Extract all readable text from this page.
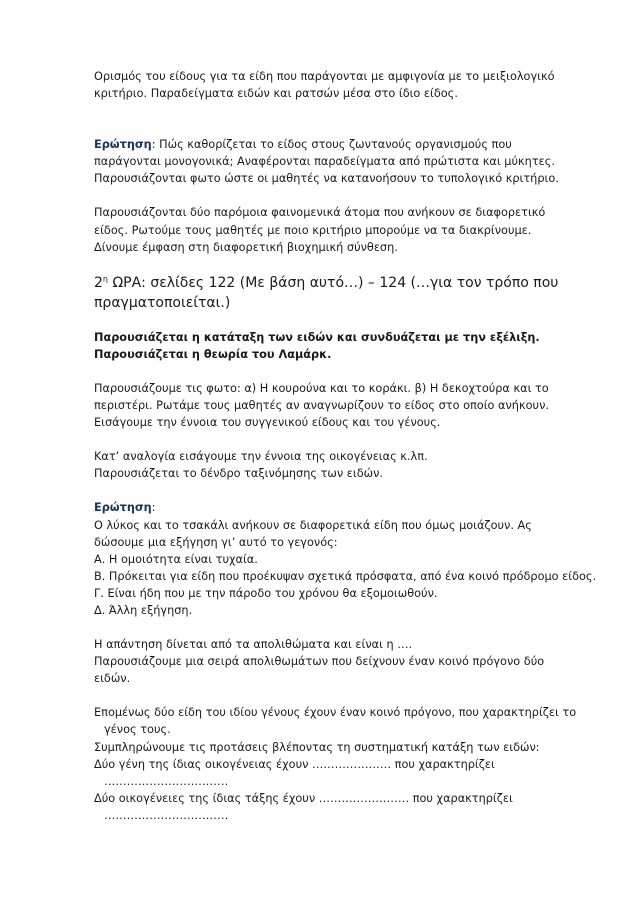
Ορισμός του είδους για τα είδη που παράγονται με αμφιγονία με το μειξιολογικό

κριτήριο. Παραδείγματα ειδών και ρατσών μέσα στο ίδιο είδος.

Ερώτηση: Πώς καθορίζεται το είδος στους ζωντανούς οργανισμούς που

παράγονται μονογονικά; Αναφέρονται παραδείγματα από πρώτιστα και μύκητες.

Παρουσιάζονται φωτο ώστε οι μαθητές να κατανοήσουν το τυπολογικό κριτήριο.

Παρουσιάζονται δύο παρόμοια φαινομενικά άτομα που ανήκουν σε διαφορετικό

είδος. Ρωτούμε τους μαθητές με ποιο κριτήριο μπορούμε να τα διακρίνουμε.

Δίνουμε έμφαση στη διαφορετική βιοχημική σύνθεση.

$2^\eta$ ΩΡΑ: σελίδες 122 (Με βάση αυτό…) – 124 (…για τον τρόπο που

πραγματοποιείται.)

Παρουσιάζεται η κατάταξη των ειδών και συνδυάζεται με την εξέλιξη.

Παρουσιάζεται η θεωρία του Λαμάρκ.

Παρουσιάζουμε τις φωτο: α) Η κουρούνα και το κοράκι. β) Η δεκοχτούρα και το

περιστέρι. Ρωτάμε τους μαθητές αν αναγνωρίζουν το είδος στο οποίο ανήκουν.

Εισάγουμε την έννοια του συγγενικού είδους και του γένους.

Κατ’ αναλογία εισάγουμε την έννοια της οικογένειας κ.λπ.

Παρουσιάζεται το δένδρο ταξινόμησης των ειδών.

Ερώτηση:

Ο λύκος και το τσακάλι ανήκουν σε διαφορετικά είδη που όμως μοιάζουν. Ας

δώσουμε μια εξήγηση γι’ αυτό το γεγονός:

Α. Η ομοιότητα είναι τυχαία.

Β. Πρόκειται για είδη που προέκυψαν σχετικά πρόσφατα, από ένα κοινό πρόδρομο είδος.

Γ. Είναι ήδη που με την πάροδο του χρόνου θα εξομοιωθούν.

Δ. Άλλη εξήγηση.

Η απάντηση δίνεται από τα απολιθώματα και είναι η ….

Παρουσιάζουμε μια σειρά απολιθωμάτων που δείχνουν έναν κοινό πρόγονο δύο

ειδών.

Επομένως δύο είδη του ιδίου γένους έχουν έναν κοινό πρόγονο, που χαρακτηρίζει το γένος τους.

Συμπληρώνουμε τις προτάσεις βλέποντας τη συστηματική κατάξη των ειδών:

Δύο γένη της ίδιας οικογένειας έχουν ………………… που χαρακτηρίζει ……………………………

Δύο οικογένειες της ίδιας τάξης έχουν …………………… που χαρακτηρίζει ……………………………
